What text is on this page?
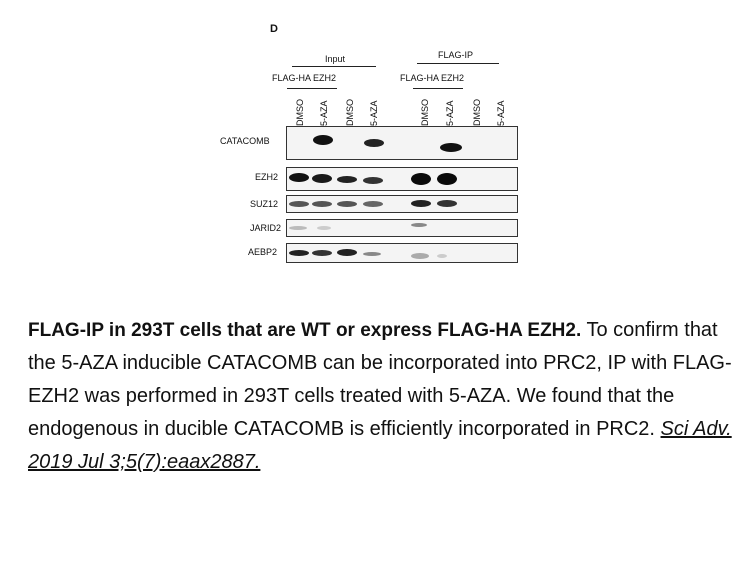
D
Input	FLAG-IP
FLAG-HA EZH2	FLAG-HA EZH2
DMSO 5-AZA DMSO 5-AZA	DMSO 5-AZA DMSO 5-AZA
CATACOMB
EZH2
SUZ12
JARID2
AEBP2
FLAG-IP in 293T cells that are WT or express FLAG-HA EZH2. To confirm that the 5-AZA inducible CATACOMB can be incorporated into PRC2, IP with FLAG-EZH2 was performed in 293T cells treated with 5-AZA. We found that the endogenous in ducible CATACOMB is efficiently incorporated in PRC2. Sci Adv. 2019 Jul 3;5(7):eaax2887.
